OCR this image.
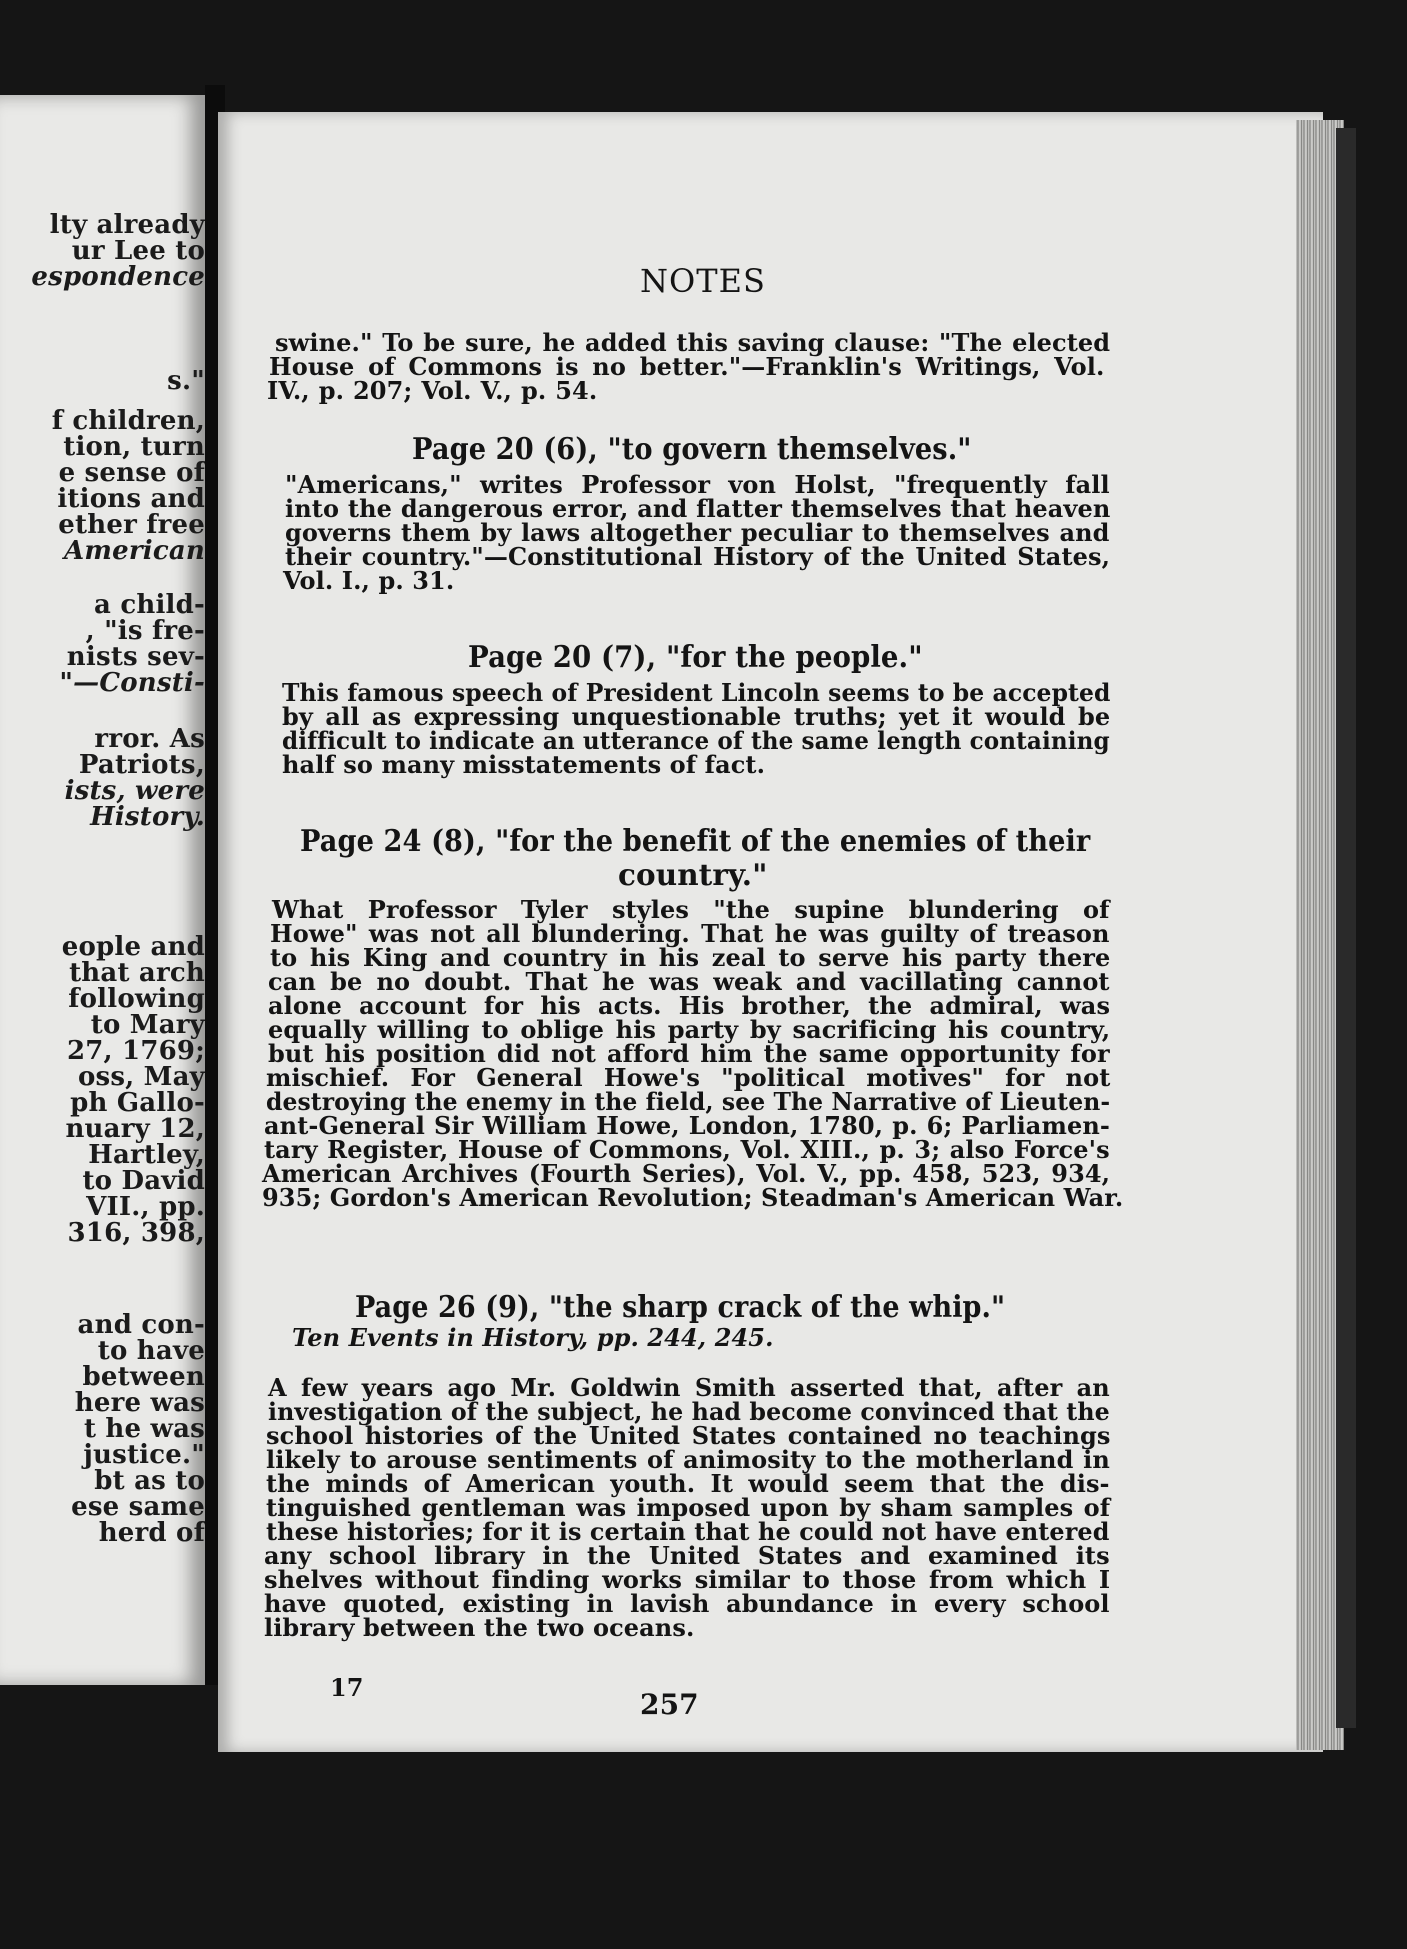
lty already
ur Lee to
espondence
s."
f children,
tion, turn
e sense of
itions and
ether free
American
a child-
, "is fre-
nists sev-
"—Consti-
rror. As
Patriots,
ists, were
History.
eople and
that arch
following
to Mary
27, 1769;
oss, May
ph Gallo-
nuary 12,
Hartley,
to David
VII., pp.
316, 398,
and con-
to have
between
here was
t he was
justice."
bt as to
ese same
herd of
NOTES
swine." To be sure, he added this saving clause: "The elected
House of Commons is no better."—Franklin's Writings, Vol.
IV., p. 207; Vol. V., p. 54.
Page 20 (6), "to govern themselves."
"Americans," writes Professor von Holst, "frequently fall
into the dangerous error, and flatter themselves that heaven
governs them by laws altogether peculiar to themselves and
their country."—Constitutional History of the United States,
Vol. I., p. 31.
Page 20 (7), "for the people."
This famous speech of President Lincoln seems to be accepted
by all as expressing unquestionable truths; yet it would be
difficult to indicate an utterance of the same length containing
half so many misstatements of fact.
Page 24 (8), "for the benefit of the enemies of their
country."
What Professor Tyler styles "the supine blundering of
Howe" was not all blundering. That he was guilty of treason
to his King and country in his zeal to serve his party there
can be no doubt. That he was weak and vacillating cannot
alone account for his acts. His brother, the admiral, was
equally willing to oblige his party by sacrificing his country,
but his position did not afford him the same opportunity for
mischief. For General Howe's "political motives" for not
destroying the enemy in the field, see The Narrative of Lieuten-
ant-General Sir William Howe, London, 1780, p. 6; Parliamen-
tary Register, House of Commons, Vol. XIII., p. 3; also Force's
American Archives (Fourth Series), Vol. V., pp. 458, 523, 934,
935; Gordon's American Revolution; Steadman's American War.
Page 26 (9), "the sharp crack of the whip."
Ten Events in History, pp. 244, 245.
A few years ago Mr. Goldwin Smith asserted that, after an
investigation of the subject, he had become convinced that the
school histories of the United States contained no teachings
likely to arouse sentiments of animosity to the motherland in
the minds of American youth. It would seem that the dis-
tinguished gentleman was imposed upon by sham samples of
these histories; for it is certain that he could not have entered
any school library in the United States and examined its
shelves without finding works similar to those from which I
have quoted, existing in lavish abundance in every school
library between the two oceans.
17
257
